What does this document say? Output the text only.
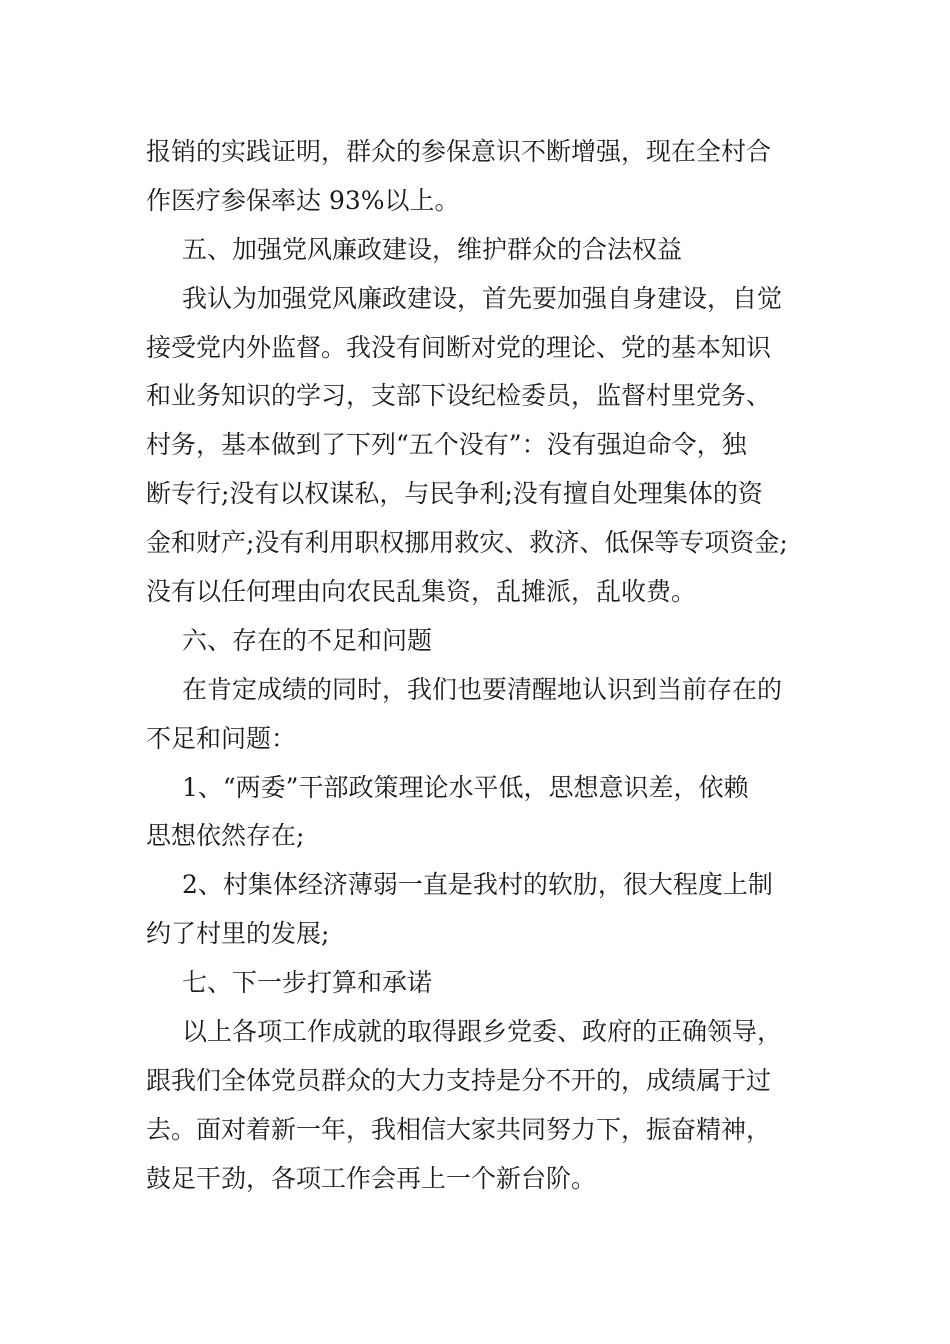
报销的实践证明，群众的参保意识不断增强，现在全村合
作医疗参保率达 93%以上。
五、加强党风廉政建设，维护群众的合法权益
我认为加强党风廉政建设，首先要加强自身建设，自觉
接受党内外监督。我没有间断对党的理论、党的基本知识
和业务知识的学习，支部下设纪检委员，监督村里党务、
村务，基本做到了下列“五个没有”：没有强迫命令，独
断专行;没有以权谋私，与民争利;没有擅自处理集体的资
金和财产;没有利用职权挪用救灾、救济、低保等专项资金;
没有以任何理由向农民乱集资，乱摊派，乱收费。
六、存在的不足和问题
在肯定成绩的同时，我们也要清醒地认识到当前存在的
不足和问题：
1、“两委”干部政策理论水平低，思想意识差，依赖
思想依然存在;
2、村集体经济薄弱一直是我村的软肋，很大程度上制
约了村里的发展;
七、下一步打算和承诺
以上各项工作成就的取得跟乡党委、政府的正确领导，
跟我们全体党员群众的大力支持是分不开的，成绩属于过
去。面对着新一年，我相信大家共同努力下，振奋精神，
鼓足干劲，各项工作会再上一个新台阶。
